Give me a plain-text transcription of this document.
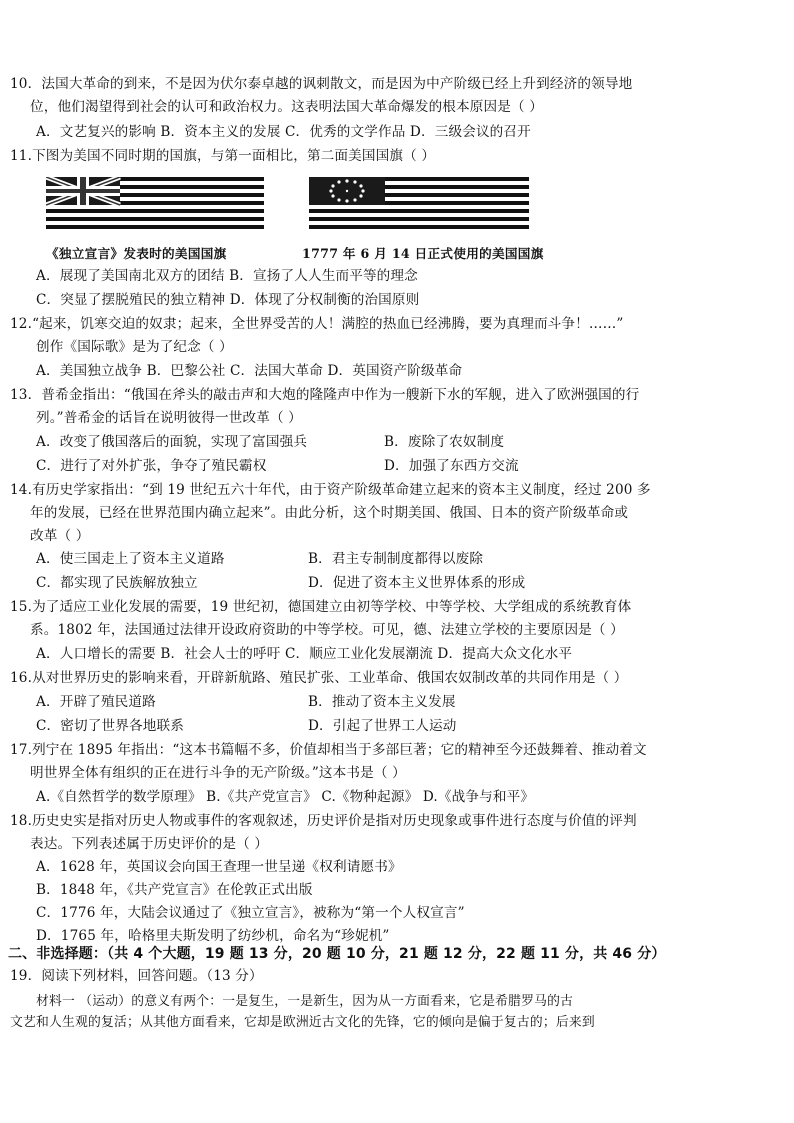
10．法国大革命的到来，不是因为伏尔泰卓越的讽刺散文，而是因为中产阶级已经上升到经济的领导地
位，他们渴望得到社会的认可和政治权力。这表明法国大革命爆发的根本原因是（ ）
A．文艺复兴的影响 B．资本主义的发展 C．优秀的文学作品 D．三级会议的召开
11.下图为美国不同时期的国旗，与第一面相比，第二面美国国旗（ ）
《独立宣言》发表时的美国国旗	1777 年 6 月 14 日正式使用的美国国旗
A．展现了美国南北双方的团结 B．宣扬了人人生而平等的理念
C．突显了摆脱殖民的独立精神 D．体现了分权制衡的治国原则
12.“起来，饥寒交迫的奴隶；起来，全世界受苦的人！满腔的热血已经沸腾，要为真理而斗争！……”
创作《国际歌》是为了纪念（ ）
A．美国独立战争 B．巴黎公社 C．法国大革命 D．英国资产阶级革命
13．普希金指出：“俄国在斧头的敲击声和大炮的隆隆声中作为一艘新下水的军舰，进入了欧洲强国的行
列。”普希金的话旨在说明彼得一世改革（ ）
A．改变了俄国落后的面貌，实现了富国强兵	B．废除了农奴制度
C．进行了对外扩张，争夺了殖民霸权	D．加强了东西方交流
14.有历史学家指出：“到 19 世纪五六十年代，由于资产阶级革命建立起来的资本主义制度，经过 200 多
年的发展，已经在世界范围内确立起来”。由此分析，这个时期美国、俄国、日本的资产阶级革命或
改革（ ）
A．使三国走上了资本主义道路	B．君主专制制度都得以废除
C．都实现了民族解放独立	D．促进了资本主义世界体系的形成
15.为了适应工业化发展的需要，19 世纪初，德国建立由初等学校、中等学校、大学组成的系统教育体
系。1802 年，法国通过法律开设政府资助的中等学校。可见，德、法建立学校的主要原因是（ ）
A．人口增长的需要 B．社会人士的呼吁 C．顺应工业化发展潮流 D．提高大众文化水平
16.从对世界历史的影响来看，开辟新航路、殖民扩张、工业革命、俄国农奴制改革的共同作用是（ ）
A．开辟了殖民道路	B．推动了资本主义发展
C．密切了世界各地联系	D．引起了世界工人运动
17.列宁在 1895 年指出：“这本书篇幅不多，价值却相当于多部巨著；它的精神至今还鼓舞着、推动着文
明世界全体有组织的正在进行斗争的无产阶级。”这本书是（ ）
A.《自然哲学的数学原理》 B.《共产党宣言》 C.《物种起源》 D.《战争与和平》
18.历史史实是指对历史人物或事件的客观叙述，历史评价是指对历史现象或事件进行态度与价值的评判
表达。下列表述属于历史评价的是（ ）
A．1628 年，英国议会向国王查理一世呈递《权利请愿书》
B．1848 年，《共产党宣言》在伦敦正式出版
C．1776 年，大陆会议通过了《独立宣言》，被称为“第一个人权宣言”
D．1765 年，哈格里夫斯发明了纺纱机，命名为“珍妮机”
二、非选择题：（共 4 个大题，19 题 13 分，20 题 10 分，21 题 12 分，22 题 11 分，共 46 分）
19．阅读下列材料，回答问题。（13 分）
材料一 （运动）的意义有两个：一是复生，一是新生，因为从一方面看来，它是希腊罗马的古
文艺和人生观的复活；从其他方面看来，它却是欧洲近古文化的先锋，它的倾向是偏于复古的；后来到
